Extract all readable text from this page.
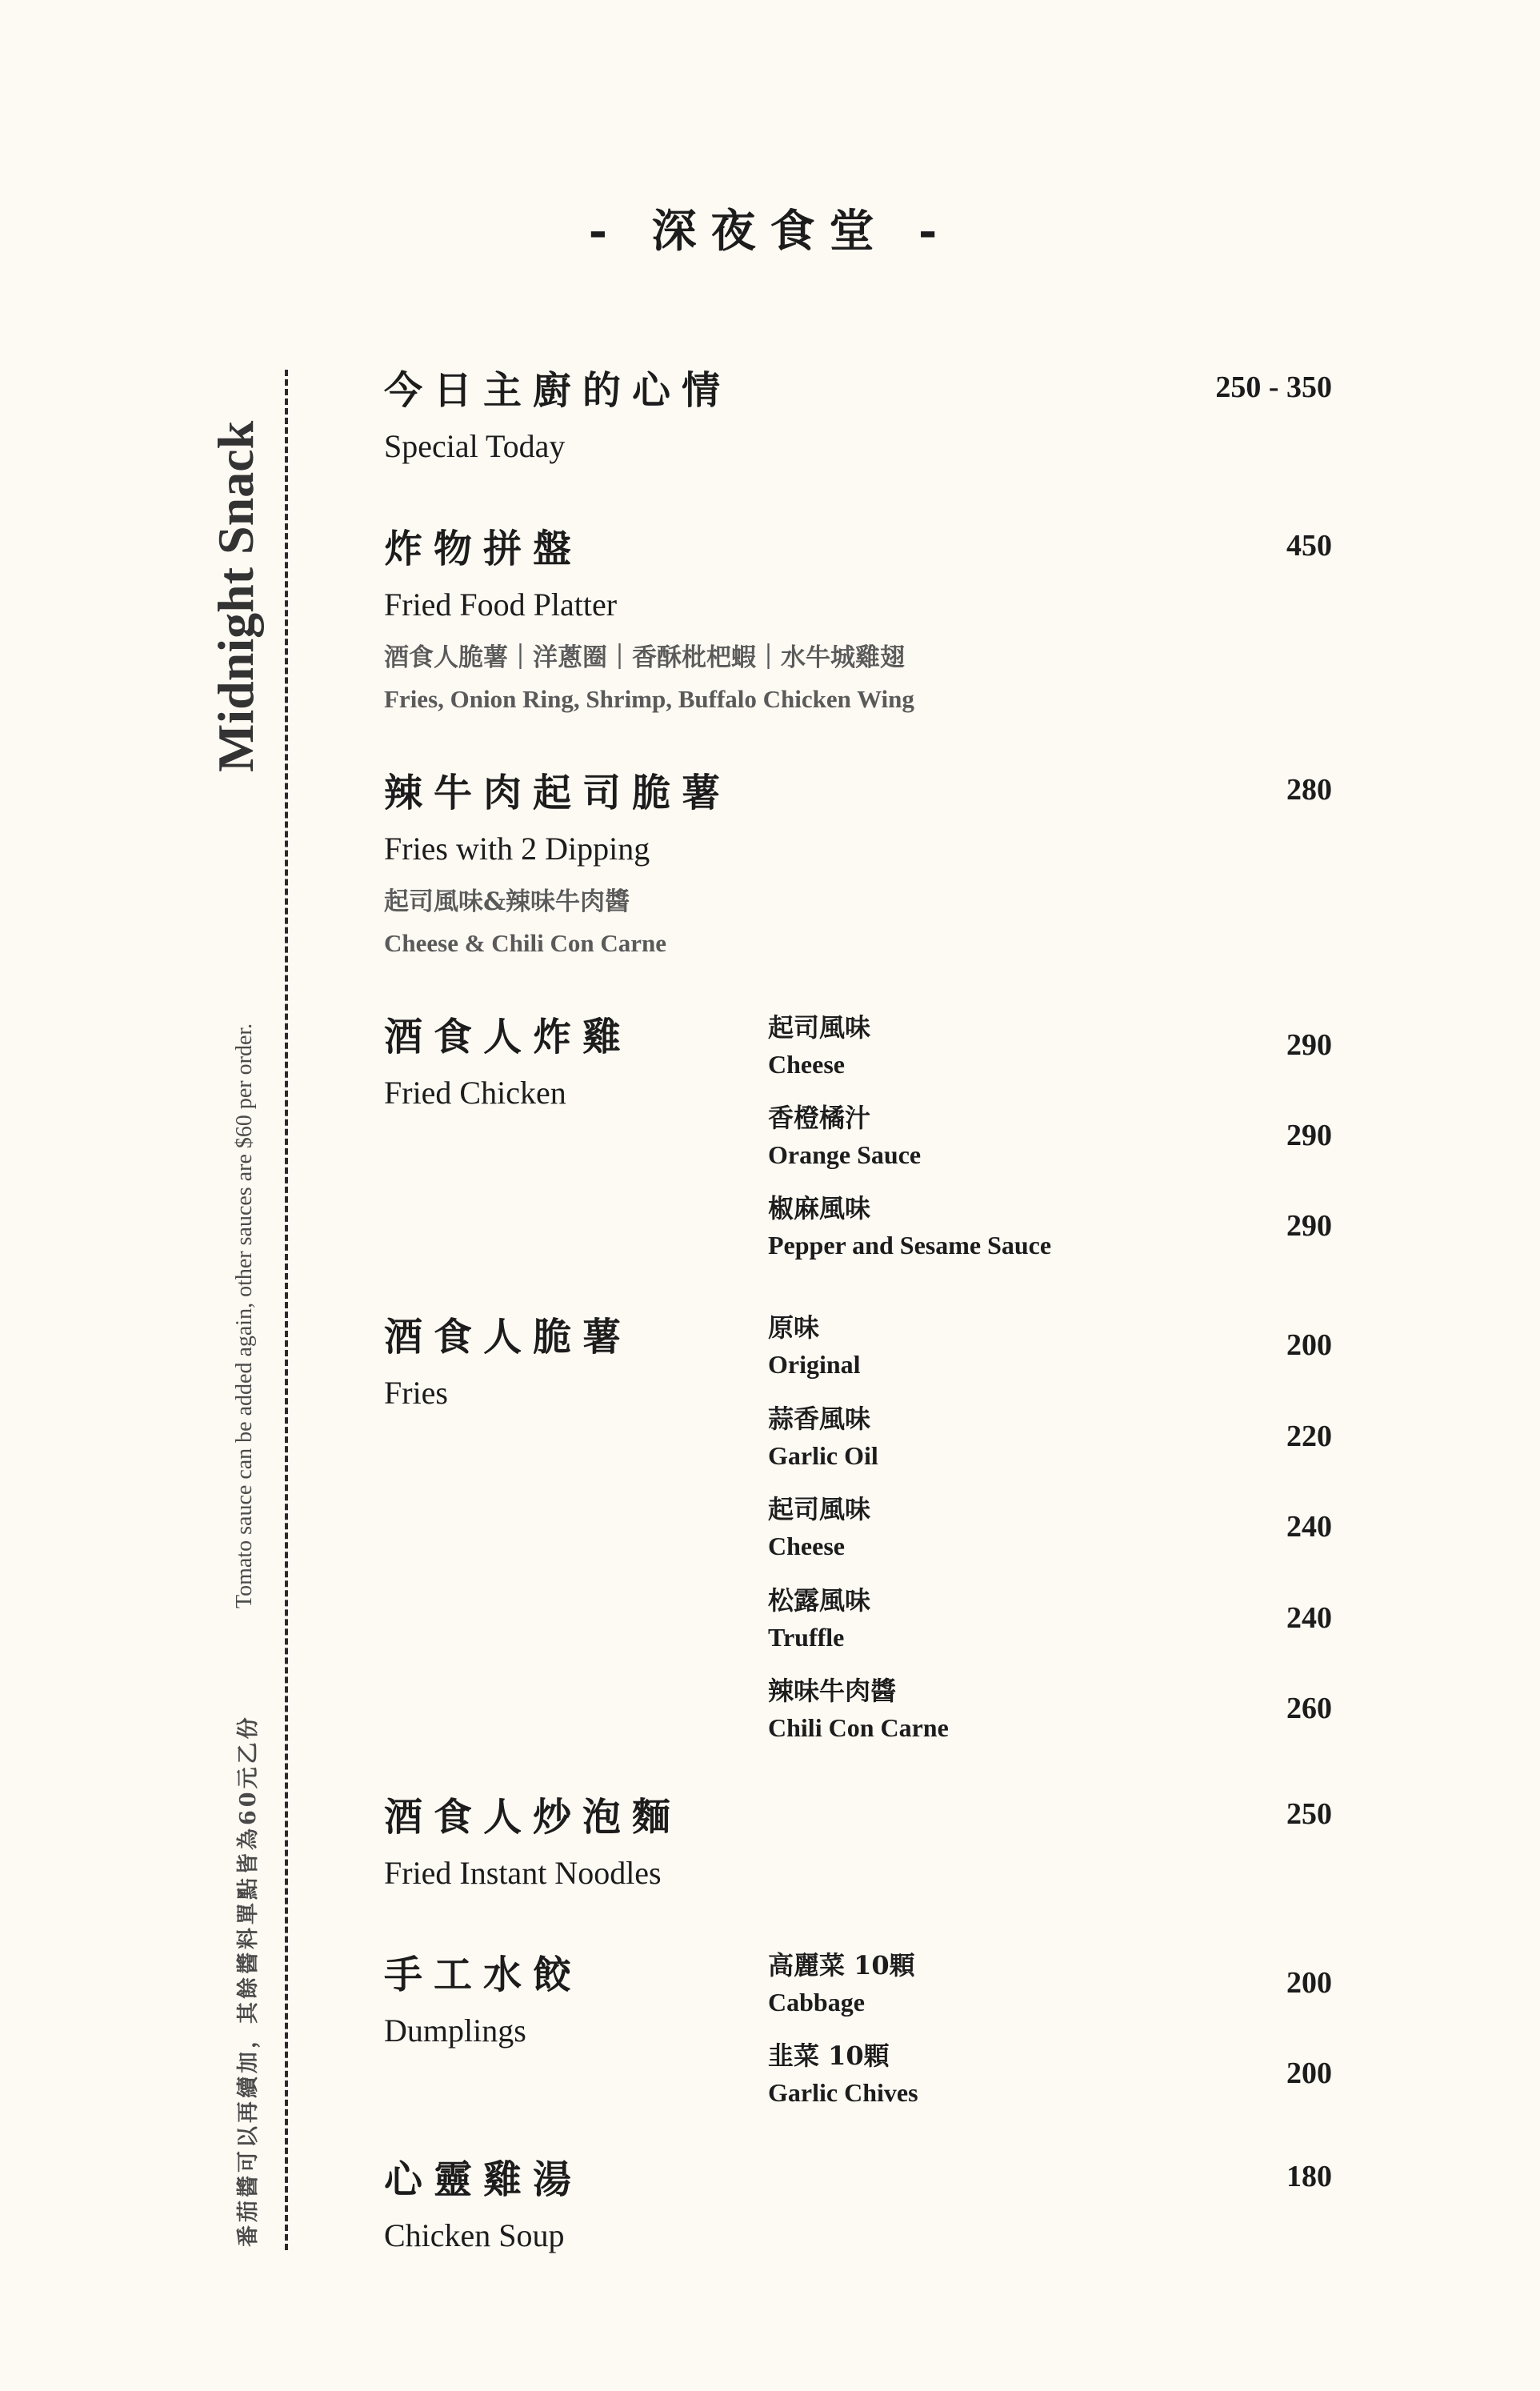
- 深夜食堂 -
Midnight Snack
Tomato sauce can be added again, other sauces are $60 per order.
番茄醬可以再續加，其餘醬料單點皆為60元乙份
今日主廚的心情
Special Today
250 - 350
炸物拼盤
Fried Food Platter
酒食人脆薯｜洋蔥圈｜香酥枇杷蝦｜水牛城雞翅
Fries, Onion Ring, Shrimp, Buffalo Chicken Wing
450
辣牛肉起司脆薯
Fries with 2 Dipping
起司風味&辣味牛肉醬
Cheese & Chili Con Carne
280
酒食人炸雞
Fried Chicken
起司風味
Cheese
290
香橙橘汁
Orange Sauce
290
椒麻風味
Pepper and Sesame Sauce
290
酒食人脆薯
Fries
原味
Original
200
蒜香風味
Garlic Oil
220
起司風味
Cheese
240
松露風味
Truffle
240
辣味牛肉醬
Chili Con Carne
260
酒食人炒泡麵
Fried Instant Noodles
250
手工水餃
Dumplings
高麗菜 10顆
Cabbage
200
韭菜 10顆
Garlic Chives
200
心靈雞湯
Chicken Soup
180
